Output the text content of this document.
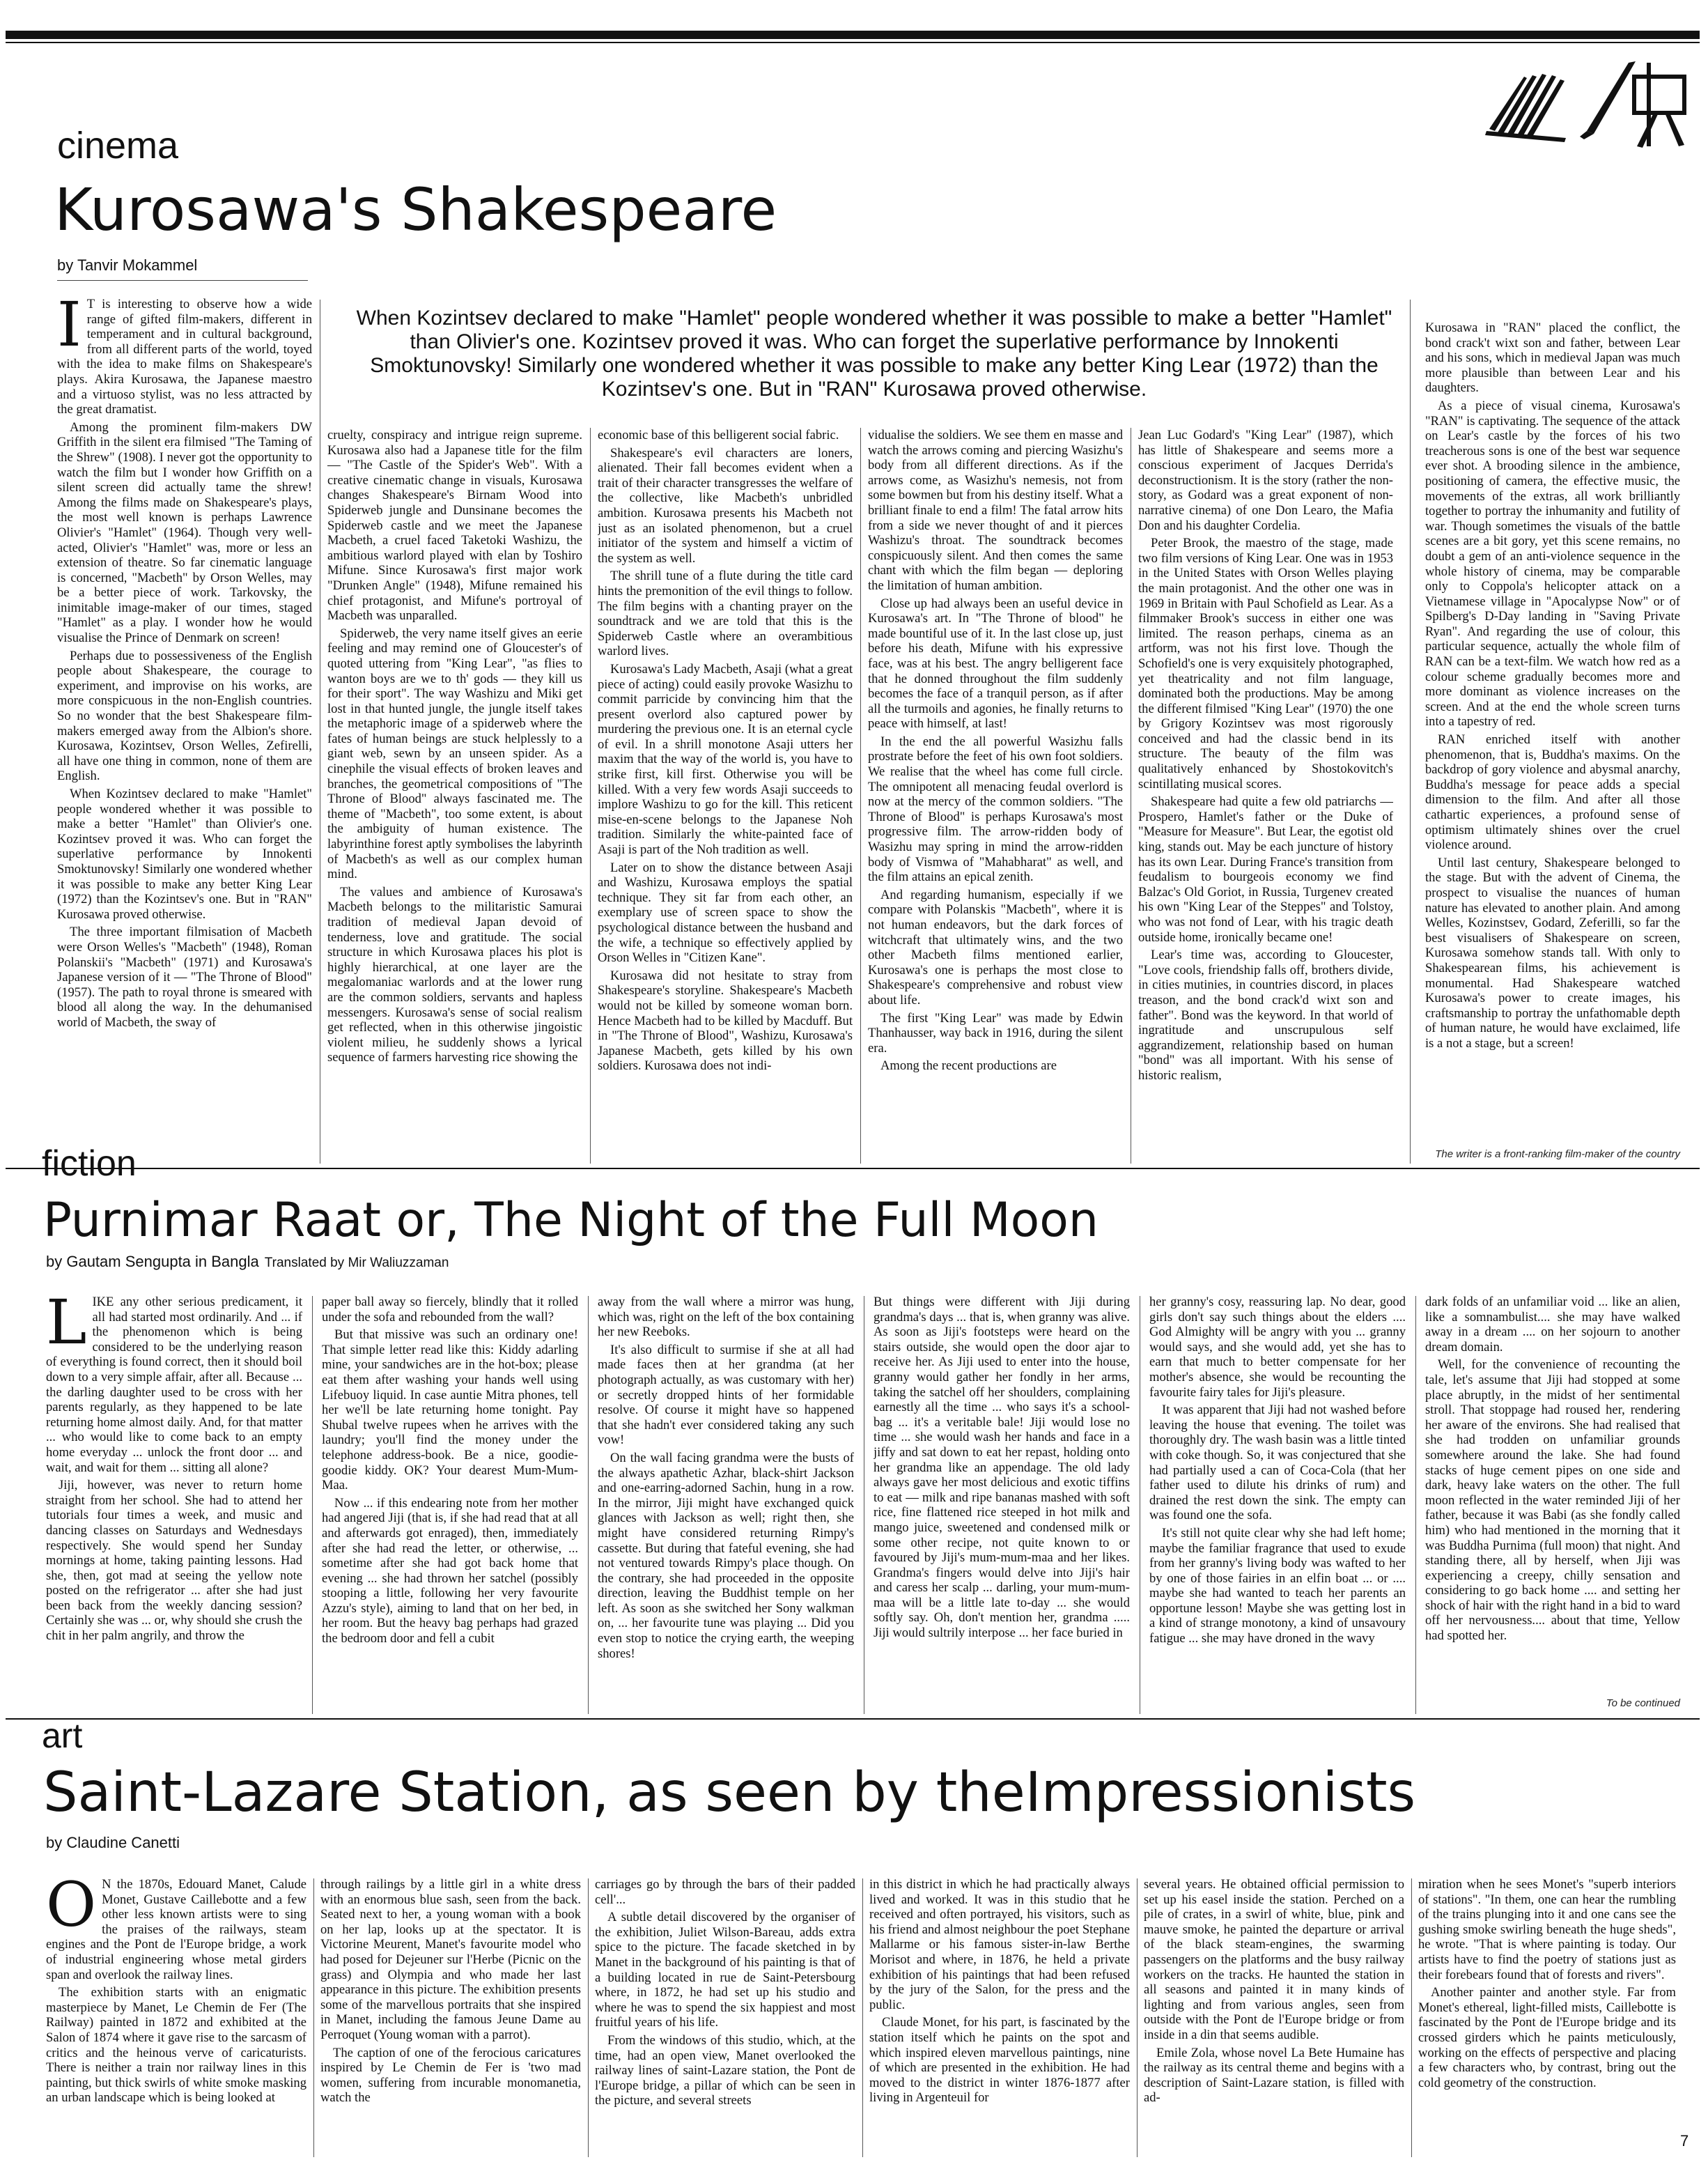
cinema
Kurosawa's Shakespeare
by Tanvir Mokammel
When Kozintsev declared to make "Hamlet" people wondered whether it was possible to make a better "Hamlet" than Olivier's one. Kozintsev proved it was. Who can forget the superlative performance by Innokenti Smoktunovsky! Similarly one wondered whether it was possible to make any better King Lear (1972) than the Kozintsev's one. But in "RAN" Kurosawa proved otherwise.
I T is interesting to observe how a wide range of gifted film-makers, different in temperament and in cultural background, from all different parts of the world, toyed with the idea to make films on Shakespeare's plays. Akira Kurosawa, the Japanese maestro and a virtuoso stylist, was no less attracted by the great dramatist.

Among the prominent film-makers DW Griffith in the silent era filmised "The Taming of the Shrew" (1908). I never got the opportunity to watch the film but I wonder how Griffith on a silent screen did actually tame the shrew! Among the films made on Shakespeare's plays, the most well known is perhaps Lawrence Olivier's "Hamlet" (1964). Though very well-acted, Olivier's "Hamlet" was, more or less an extension of theatre. So far cinematic language is concerned, "Macbeth" by Orson Welles, may be a better piece of work. Tarkovsky, the inimitable image-maker of our times, staged "Hamlet" as a play. I wonder how he would visualise the Prince of Denmark on screen!

Perhaps due to possessiveness of the English people about Shakespeare, the courage to experiment, and improvise on his works, are more conspicuous in the non-English countries. So no wonder that the best Shakespeare film-makers emerged away from the Albion's shore. Kurosawa, Kozintsev, Orson Welles, Zefirelli, all have one thing in common, none of them are English.

When Kozintsev declared to make "Hamlet" people wondered whether it was possible to make a better "Hamlet" than Olivier's one. Kozintsev proved it was. Who can forget the superlative performance by Innokenti Smoktunovsky! Similarly one wondered whether it was possible to make any better King Lear (1972) than the Kozintsev's one. But in "RAN" Kurosawa proved otherwise.

The three important filmisation of Macbeth were Orson Welles's "Macbeth" (1948), Roman Polanskii's "Macbeth" (1971) and Kurosawa's Japanese version of it — "The Throne of Blood" (1957). The path to royal throne is smeared with blood all along the way. In the dehumanised world of Macbeth, the sway of

cruelty, conspiracy and intrigue reign supreme. Kurosawa also had a Japanese title for the film — "The Castle of the Spider's Web". With a creative cinematic change in visuals, Kurosawa changes Shakespeare's Birnam Wood into Spiderweb jungle and Dunsinane becomes the Spiderweb castle and we meet the Japanese Macbeth, a cruel faced Taketoki Washizu, the ambitious warlord played with elan by Toshiro Mifune. Since Kurosawa's first major work "Drunken Angle" (1948), Mifune remained his chief protagonist, and Mifune's portroyal of Macbeth was unparalled.

Spiderweb, the very name itself gives an eerie feeling and may remind one of Gloucester's of quoted uttering from "King Lear", "as flies to wanton boys are we to th' gods — they kill us for their sport". The way Washizu and Miki get lost in that hunted jungle, the jungle itself takes the metaphoric image of a spiderweb where the fates of human beings are stuck helplessly to a giant web, sewn by an unseen spider. As a cinephile the visual effects of broken leaves and branches, the geometrical compositions of "The Throne of Blood" always fascinated me. The theme of "Macbeth", too some extent, is about the ambiguity of human existence. The labyrinthine forest aptly symbolises the labyrinth of Macbeth's as well as our complex human mind.

The values and ambience of Kurosawa's Macbeth belongs to the militaristic Samurai tradition of medieval Japan devoid of tenderness, love and gratitude. The social structure in which Kurosawa places his plot is highly hierarchical, at one layer are the megalomaniac warlords and at the lower rung are the common soldiers, servants and hapless messengers. Kurosawa's sense of social realism get reflected, when in this otherwise jingoistic violent milieu, he suddenly shows a lyrical sequence of farmers harvesting rice showing the

economic base of this belligerent social fabric.

Shakespeare's evil characters are loners, alienated. Their fall becomes evident when a trait of their character transgresses the welfare of the collective, like Macbeth's unbridled ambition. Kurosawa presents his Macbeth not just as an isolated phenomenon, but a cruel initiator of the system and himself a victim of the system as well.

The shrill tune of a flute during the title card hints the premonition of the evil things to follow. The film begins with a chanting prayer on the soundtrack and we are told that this is the Spiderweb Castle where an overambitious warlord lives.

Kurosawa's Lady Macbeth, Asaji (what a great piece of acting) could easily provoke Wasizhu to commit parricide by convincing him that the present overlord also captured power by murdering the previous one. It is an eternal cycle of evil. In a shrill monotone Asaji utters her maxim that the way of the world is, you have to strike first, kill first. Otherwise you will be killed. With a very few words Asaji succeeds to implore Washizu to go for the kill. This reticent mise-en-scene belongs to the Japanese Noh tradition. Similarly the white-painted face of Asaji is part of the Noh tradition as well.

Later on to show the distance between Asaji and Washizu, Kurosawa employs the spatial technique. They sit far from each other, an exemplary use of screen space to show the psychological distance between the husband and the wife, a technique so effectively applied by Orson Welles in "Citizen Kane".

Kurosawa did not hesitate to stray from Shakespeare's storyline. Shakespeare's Macbeth would not be killed by someone woman born. Hence Macbeth had to be killed by Macduff. But in "The Throne of Blood", Washizu, Kurosawa's Japanese Macbeth, gets killed by his own soldiers. Kurosawa does not indi-

vidualise the soldiers. We see them en masse and watch the arrows coming and piercing Wasizhu's body from all different directions. As if the arrows come, as Wasizhu's nemesis, not from some bowmen but from his destiny itself. What a brilliant finale to end a film! The fatal arrow hits from a side we never thought of and it pierces Washizu's throat. The soundtrack becomes conspicuously silent. And then comes the same chant with which the film began — deploring the limitation of human ambition.

Close up had always been an useful device in Kurosawa's art. In "The Throne of blood" he made bountiful use of it. In the last close up, just before his death, Mifune with his expressive face, was at his best. The angry belligerent face that he donned throughout the film suddenly becomes the face of a tranquil person, as if after all the turmoils and agonies, he finally returns to peace with himself, at last!

In the end the all powerful Wasizhu falls prostrate before the feet of his own foot soldiers. We realise that the wheel has come full circle. The omnipotent all menacing feudal overlord is now at the mercy of the common soldiers. "The Throne of Blood" is perhaps Kurosawa's most progressive film. The arrow-ridden body of Wasizhu may spring in mind the arrow-ridden body of Vismwa of "Mahabharat" as well, and the film attains an epical zenith.

And regarding humanism, especially if we compare with Polanskis "Macbeth", where it is not human endeavors, but the dark forces of witchcraft that ultimately wins, and the two other Macbeth films mentioned earlier, Kurosawa's one is perhaps the most close to Shakespeare's comprehensive and robust view about life.

The first "King Lear" was made by Edwin Thanhausser, way back in 1916, during the silent era.

Among the recent productions are

Jean Luc Godard's "King Lear" (1987), which has little of Shakespeare and seems more a conscious experiment of Jacques Derrida's deconstructionism. It is the story (rather the non-story, as Godard was a great exponent of non-narrative cinema) of one Don Learo, the Mafia Don and his daughter Cordelia.

Peter Brook, the maestro of the stage, made two film versions of King Lear. One was in 1953 in the United States with Orson Welles playing the main protagonist. And the other one was in 1969 in Britain with Paul Schofield as Lear. As a filmmaker Brook's success in either one was limited. The reason perhaps, cinema as an artform, was not his first love. Though the Schofield's one is very exquisitely photographed, yet theatricality and not film language, dominated both the productions. May be among the different filmised "King Lear" (1970) the one by Grigory Kozintsev was most rigorously conceived and had the classic bend in its structure. The beauty of the film was qualitatively enhanced by Shostokovitch's scintillating musical scores.

Shakespeare had quite a few old patriarchs — Prospero, Hamlet's father or the Duke of "Measure for Measure". But Lear, the egotist old king, stands out. May be each juncture of history has its own Lear. During France's transition from feudalism to bourgeois economy we find Balzac's Old Goriot, in Russia, Turgenev created his own "King Lear of the Steppes" and Tolstoy, who was not fond of Lear, with his tragic death outside home, ironically became one!

Lear's time was, according to Gloucester, "Love cools, friendship falls off, brothers divide, in cities mutinies, in countries discord, in places treason, and the bond crack'd wixt son and father". Bond was the keyword. In that world of ingratitude and unscrupulous self aggrandizement, relationship based on human "bond" was all important. With his sense of historic realism,

Kurosawa in "RAN" placed the conflict, the bond crack't wixt son and father, between Lear and his sons, which in medieval Japan was much more plausible than between Lear and his daughters.

As a piece of visual cinema, Kurosawa's "RAN" is captivating. The sequence of the attack on Lear's castle by the forces of his two treacherous sons is one of the best war sequence ever shot. A brooding silence in the ambience, positioning of camera, the effective music, the movements of the extras, all work brilliantly together to portray the inhumanity and futility of war. Though sometimes the visuals of the battle scenes are a bit gory, yet this scene remains, no doubt a gem of an anti-violence sequence in the whole history of cinema, may be comparable only to Coppola's helicopter attack on a Vietnamese village in "Apocalypse Now" or of Spilberg's D-Day landing in "Saving Private Ryan". And regarding the use of colour, this particular sequence, actually the whole film of RAN can be a text-film. We watch how red as a colour scheme gradually becomes more and more dominant as violence increases on the screen. And at the end the whole screen turns into a tapestry of red.

RAN enriched itself with another phenomenon, that is, Buddha's maxims. On the backdrop of gory violence and abysmal anarchy, Buddha's message for peace adds a special dimension to the film. And after all those cathartic experiences, a profound sense of optimism ultimately shines over the cruel violence around.

Until last century, Shakespeare belonged to the stage. But with the advent of Cinema, the prospect to visualise the nuances of human nature has elevated to another plain. And among Welles, Kozinstsev, Godard, Zeferilli, so far the best visualisers of Shakespeare on screen, Kurosawa somehow stands tall. With only to Shakespearean films, his achievement is monumental. Had Shakespeare watched Kurosawa's power to create images, his craftsmanship to portray the unfathomable depth of human nature, he would have exclaimed, life is a not a stage, but a screen!

The writer is a front-ranking film-maker of the country
fiction
Purnimar Raat or, The Night of the Full Moon
by Gautam Sengupta in Bangla Translated by Mir Waliuzzaman
L IKE any other serious predicament, it all had started most ordinarily. And ... if the phenomenon which is being considered to be the underlying reason of everything is found correct, then it should boil down to a very simple affair, after all. Because ... the darling daughter used to be cross with her parents regularly, as they happened to be late returning home almost daily. And, for that matter ... who would like to come back to an empty home everyday ... unlock the front door ... and wait, and wait for them ... sitting all alone?

Jiji, however, was never to return home straight from her school. She had to attend her tutorials four times a week, and music and dancing classes on Saturdays and Wednesdays respectively. She would spend her Sunday mornings at home, taking painting lessons. Had she, then, got mad at seeing the yellow note posted on the refrigerator ... after she had just been back from the weekly dancing session? Certainly she was ... or, why should she crush the chit in her palm angrily, and throw the

paper ball away so fiercely, blindly that it rolled under the sofa and rebounded from the wall?

But that missive was such an ordinary one! That simple letter read like this: Kiddy adarling mine, your sandwiches are in the hot-box; please eat them after washing your hands well using Lifebuoy liquid. In case auntie Mitra phones, tell her we'll be late returning home tonight. Pay Shubal twelve rupees when he arrives with the laundry; you'll find the money under the telephone address-book. Be a nice, goodie-goodie kiddy. OK? Your dearest Mum-Mum-Maa.

Now ... if this endearing note from her mother had angered Jiji (that is, if she had read that at all and afterwards got enraged), then, immediately after she had read the letter, or otherwise, ... sometime after she had got back home that evening ... she had thrown her satchel (possibly stooping a little, following her very favourite Azzu's style), aiming to land that on her bed, in her room. But the heavy bag perhaps had grazed the bedroom door and fell a cubit

away from the wall where a mirror was hung, which was, right on the left of the box containing her new Reeboks.

It's also difficult to surmise if she at all had made faces then at her grandma (at her photograph actually, as was customary with her) or secretly dropped hints of her formidable resolve. Of course it might have so happened that she hadn't ever considered taking any such vow!

On the wall facing grandma were the busts of the always apathetic Azhar, black-shirt Jackson and one-earring-adorned Sachin, hung in a row. In the mirror, Jiji might have exchanged quick glances with Jackson as well; right then, she might have considered returning Rimpy's cassette. But during that fateful evening, she had not ventured towards Rimpy's place though. On the contrary, she had proceeded in the opposite direction, leaving the Buddhist temple on her left. As soon as she switched her Sony walkman on, ... her favourite tune was playing ... Did you even stop to notice the crying earth, the weeping shores!

But things were different with Jiji during grandma's days ... that is, when granny was alive. As soon as Jiji's footsteps were heard on the stairs outside, she would open the door ajar to receive her. As Jiji used to enter into the house, granny would gather her fondly in her arms, taking the satchel off her shoulders, complaining earnestly all the time ... who says it's a school-bag ... it's a veritable bale! Jiji would lose no time ... she would wash her hands and face in a jiffy and sat down to eat her repast, holding onto her grandma like an appendage. The old lady always gave her most delicious and exotic tiffins to eat — milk and ripe bananas mashed with soft rice, fine flattened rice steeped in hot milk and mango juice, sweetened and condensed milk or some other recipe, not quite known to or favoured by Jiji's mum-mum-maa and her likes. Grandma's fingers would delve into Jiji's hair and caress her scalp ... darling, your mum-mum-maa will be a little late to-day ... she would softly say. Oh, don't mention her, grandma ..... Jiji would sultrily interpose ... her face buried in

her granny's cosy, reassuring lap. No dear, good girls don't say such things about the elders .... God Almighty will be angry with you ... granny would says, and she would add, yet she has to earn that much to better compensate for her mother's absence, she would be recounting the favourite fairy tales for Jiji's pleasure.

It was apparent that Jiji had not washed before leaving the house that evening. The toilet was thoroughly dry. The wash basin was a little tinted with coke though. So, it was conjectured that she had partially used a can of Coca-Cola (that her father used to dilute his drinks of rum) and drained the rest down the sink. The empty can was found one the sofa.

It's still not quite clear why she had left home; maybe the familiar fragrance that used to exude from her granny's living body was wafted to her by one of those fairies in an elfin boat ... or .... maybe she had wanted to teach her parents an opportune lesson! Maybe she was getting lost in a kind of strange monotony, a kind of unsavoury fatigue ... she may have droned in the wavy

dark folds of an unfamiliar void ... like an alien, like a somnambulist.... she may have walked away in a dream .... on her sojourn to another dream domain.

Well, for the convenience of recounting the tale, let's assume that Jiji had stopped at some place abruptly, in the midst of her sentimental stroll. That stoppage had roused her, rendering her aware of the environs. She had realised that she had trodden on unfamiliar grounds somewhere around the lake. She had found stacks of huge cement pipes on one side and dark, heavy lake waters on the other. The full moon reflected in the water reminded Jiji of her father, because it was Babi (as she fondly called him) who had mentioned in the morning that it was Buddha Purnima (full moon) that night. And standing there, all by herself, when Jiji was experiencing a creepy, chilly sensation and considering to go back home .... and setting her shock of hair with the right hand in a bid to ward off her nervousness.... about that time, Yellow had spotted her.

To be continued
art
Saint-Lazare Station, as seen by theImpressionists
by Claudine Canetti
O N the 1870s, Edouard Manet, Calude Monet, Gustave Caillebotte and a few other less known artists were to sing the praises of the railways, steam engines and the Pont de l'Europe bridge, a work of industrial engineering whose metal girders span and overlook the railway lines.

The exhibition starts with an enigmatic masterpiece by Manet, Le Chemin de Fer (The Railway) painted in 1872 and exhibited at the Salon of 1874 where it gave rise to the sarcasm of critics and the heinous verve of caricaturists. There is neither a train nor railway lines in this painting, but thick swirls of white smoke masking an urban landscape which is being looked at

through railings by a little girl in a white dress with an enormous blue sash, seen from the back. Seated next to her, a young woman with a book on her lap, looks up at the spectator. It is Victorine Meurent, Manet's favourite model who had posed for Dejeuner sur l'Herbe (Picnic on the grass) and Olympia and who made her last appearance in this picture. The exhibition presents some of the marvellous portraits that she inspired in Manet, including the famous Jeune Dame au Perroquet (Young woman with a parrot).

The caption of one of the ferocious caricatures inspired by Le Chemin de Fer is 'two mad women, suffering from incurable monomanetia, watch the

carriages go by through the bars of their padded cell'...

A subtle detail discovered by the organiser of the exhibition, Juliet Wilson-Bareau, adds extra spice to the picture. The facade sketched in by Manet in the background of his painting is that of a building located in rue de Saint-Petersbourg where, in 1872, he had set up his studio and where he was to spend the six happiest and most fruitful years of his life.

From the windows of this studio, which, at the time, had an open view, Manet overlooked the railway lines of saint-Lazare station, the Pont de l'Europe bridge, a pillar of which can be seen in the picture, and several streets

in this district in which he had practically always lived and worked. It was in this studio that he received and often portrayed, his visitors, such as his friend and almost neighbour the poet Stephane Mallarme or his famous sister-in-law Berthe Morisot and where, in 1876, he held a private exhibition of his paintings that had been refused by the jury of the Salon, for the press and the public.

Claude Monet, for his part, is fascinated by the station itself which he paints on the spot and which inspired eleven marvellous paintings, nine of which are presented in the exhibition. He had moved to the district in winter 1876-1877 after living in Argenteuil for

several years. He obtained official permission to set up his easel inside the station. Perched on a pile of crates, in a swirl of white, blue, pink and mauve smoke, he painted the departure or arrival of the black steam-engines, the swarming passengers on the platforms and the busy railway workers on the tracks. He haunted the station in all seasons and painted it in many kinds of lighting and from various angles, seen from outside with the Pont de l'Europe bridge or from inside in a din that seems audible.

Emile Zola, whose novel La Bete Humaine has the railway as its central theme and begins with a description of Saint-Lazare station, is filled with ad-

miration when he sees Monet's "superb interiors of stations". "In them, one can hear the rumbling of the trains plunging into it and one cans see the gushing smoke swirling beneath the huge sheds", he wrote. "That is where painting is today. Our artists have to find the poetry of stations just as their forebears found that of forests and rivers".

Another painter and another style. Far from Monet's ethereal, light-filled mists, Caillebotte is fascinated by the Pont de l'Europe bridge and its crossed girders which he paints meticulously, working on the effects of perspective and placing a few characters who, by contrast, bring out the cold geometry of the construction.

7
